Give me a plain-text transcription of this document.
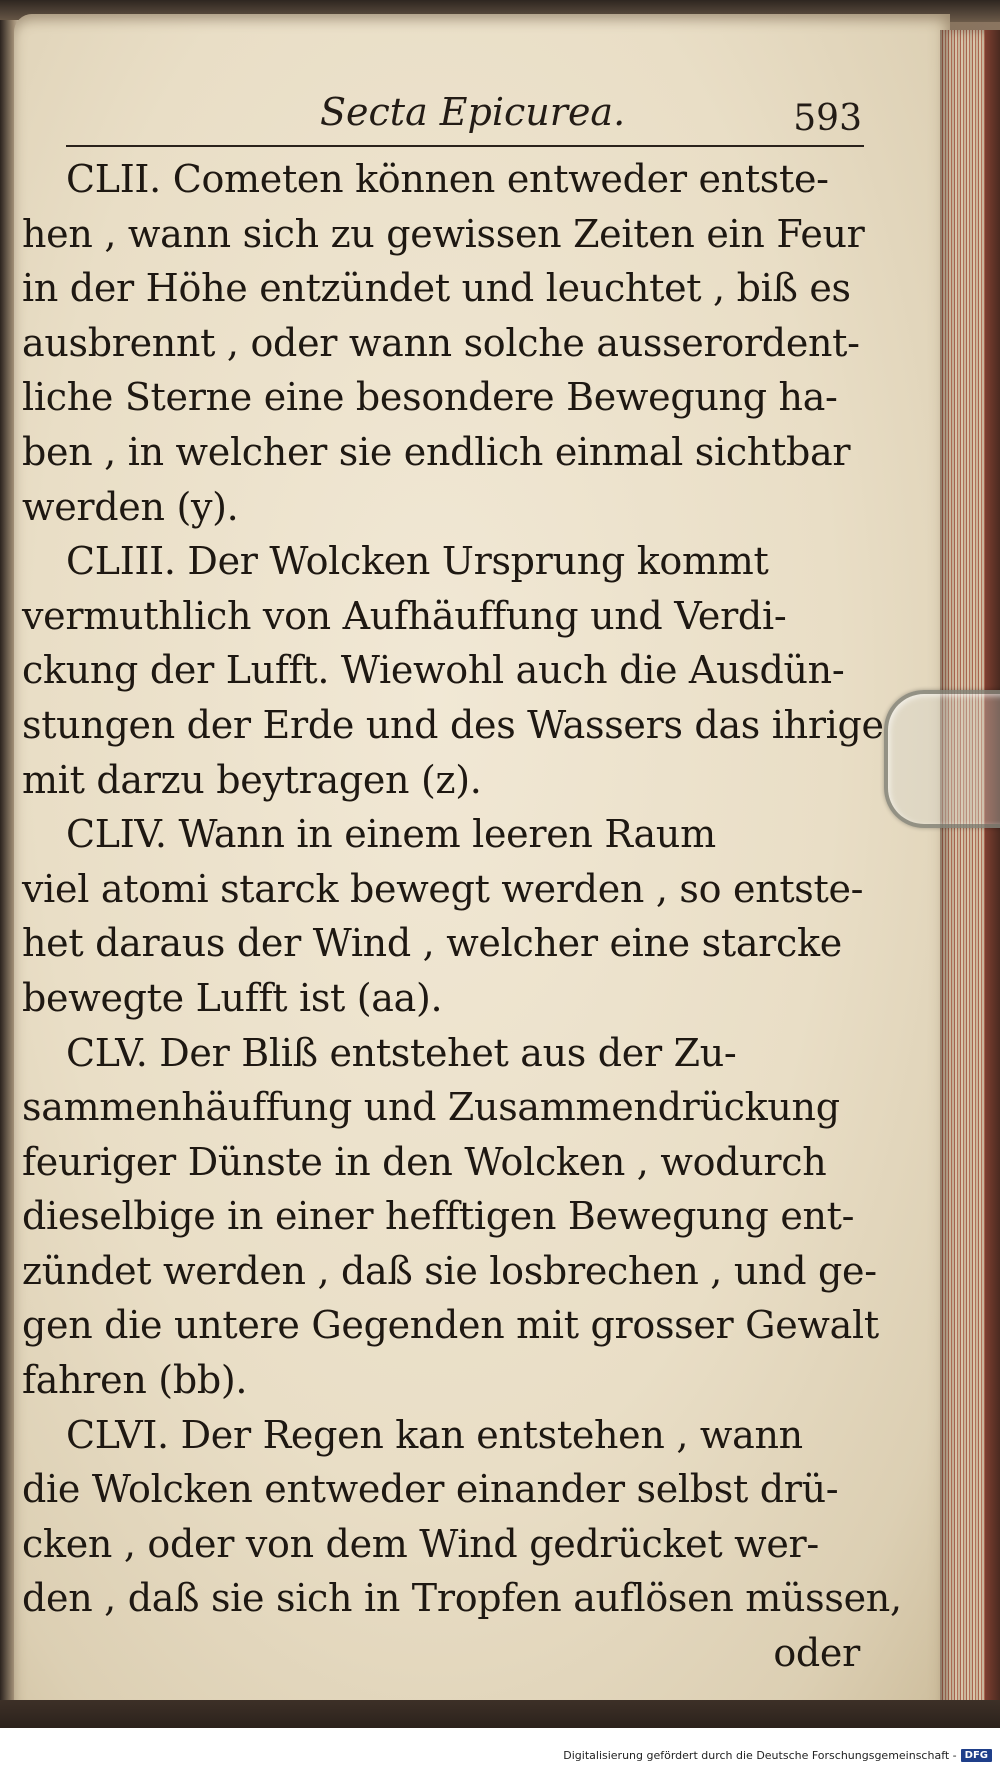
Secta Epicurea.	593
CLII. Cometen können entweder entste-
hen , wann sich zu gewissen Zeiten ein Feur
in der Höhe entzündet und leuchtet , biß es
ausbrennt , oder wann solche ausserordent-
liche Sterne eine besondere Bewegung ha-
ben , in welcher sie endlich einmal sichtbar
werden (y).
CLIII. Der Wolcken Ursprung kommt
vermuthlich von Aufhäuffung und Verdi-
ckung der Lufft. Wiewohl auch die Ausdün-
stungen der Erde und des Wassers das ihrige
mit darzu beytragen (z).
CLIV. Wann in einem leeren Raum
viel atomi starck bewegt werden , so entste-
het daraus der Wind , welcher eine starcke
bewegte Lufft ist (aa).
CLV. Der Bliß entstehet aus der Zu-
sammenhäuffung und Zusammendrückung
feuriger Dünste in den Wolcken , wodurch
dieselbige in einer hefftigen Bewegung ent-
zündet werden , daß sie losbrechen , und ge-
gen die untere Gegenden mit grosser Gewalt
fahren (bb).
CLVI. Der Regen kan entstehen , wann
die Wolcken entweder einander selbst drü-
cken , oder von dem Wind gedrücket wer-
den , daß sie sich in Tropfen auflösen müssen,
oder
Digitalisierung gefördert durch die Deutsche Forschungsgemeinschaft - DFG
